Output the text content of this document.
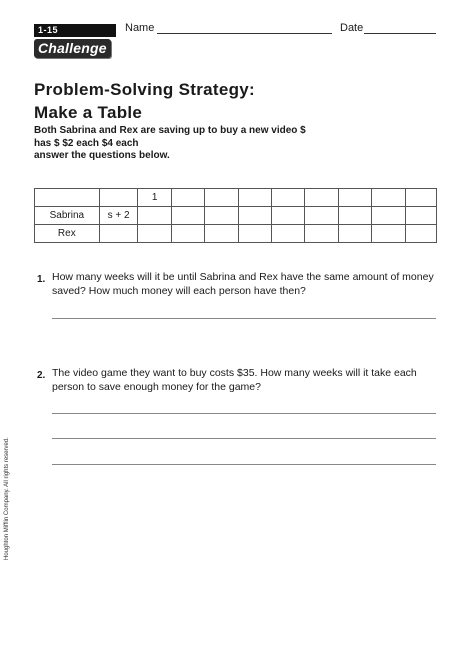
1-15
Challenge
Name	Date
Problem-Solving Strategy:
Make a Table
Both Sabrina and Rex are saving up to buy a new video $
has $ $2 each $4 each
answer the questions below.
		1								
Sabrina	s + 2									
Rex										
1. How many weeks will it be until Sabrina and Rex have the same amount of money
saved? How much money will each person have then?
2. The video game they want to buy costs $35. How many weeks will it take each
person to save enough money for the game?
Houghton Mifflin Company. All rights reserved.
